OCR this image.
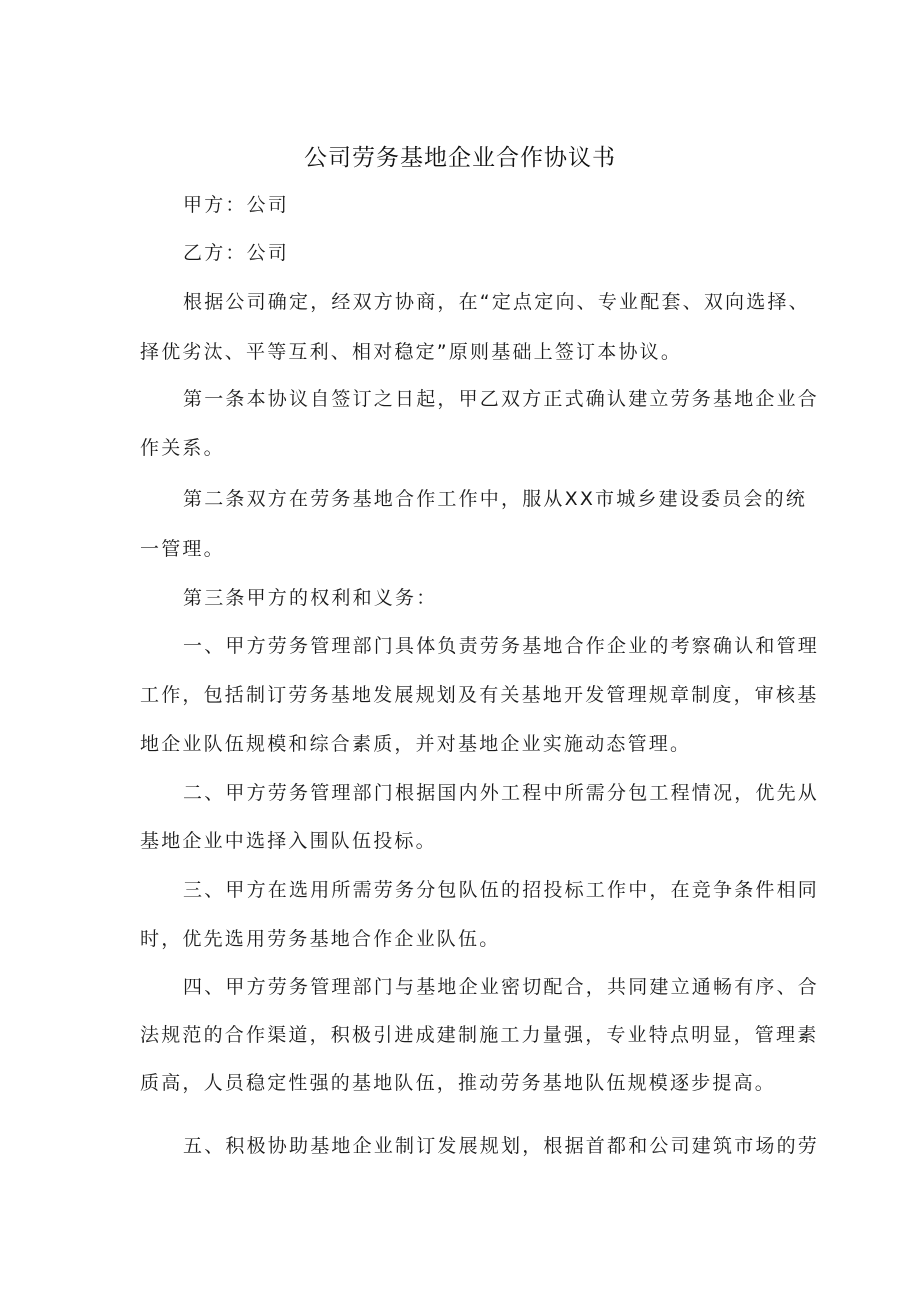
公司劳务基地企业合作协议书
甲方：公司
乙方：公司
根据公司确定，经双方协商，在“定点定向、专业配套、双向选择、
择优劣汰、平等互利、相对稳定”原则基础上签订本协议。
第一条本协议自签订之日起，甲乙双方正式确认建立劳务基地企业合
作关系。
第二条双方在劳务基地合作工作中，服从XX市城乡建设委员会的统
一管理。
第三条甲方的权利和义务：
一、甲方劳务管理部门具体负责劳务基地合作企业的考察确认和管理
工作，包括制订劳务基地发展规划及有关基地开发管理规章制度，审核基
地企业队伍规模和综合素质，并对基地企业实施动态管理。
二、甲方劳务管理部门根据国内外工程中所需分包工程情况，优先从
基地企业中选择入围队伍投标。
三、甲方在选用所需劳务分包队伍的招投标工作中，在竞争条件相同
时，优先选用劳务基地合作企业队伍。
四、甲方劳务管理部门与基地企业密切配合，共同建立通畅有序、合
法规范的合作渠道，积极引进成建制施工力量强，专业特点明显，管理素
质高，人员稳定性强的基地队伍，推动劳务基地队伍规模逐步提高。
五、积极协助基地企业制订发展规划，根据首都和公司建筑市场的劳
